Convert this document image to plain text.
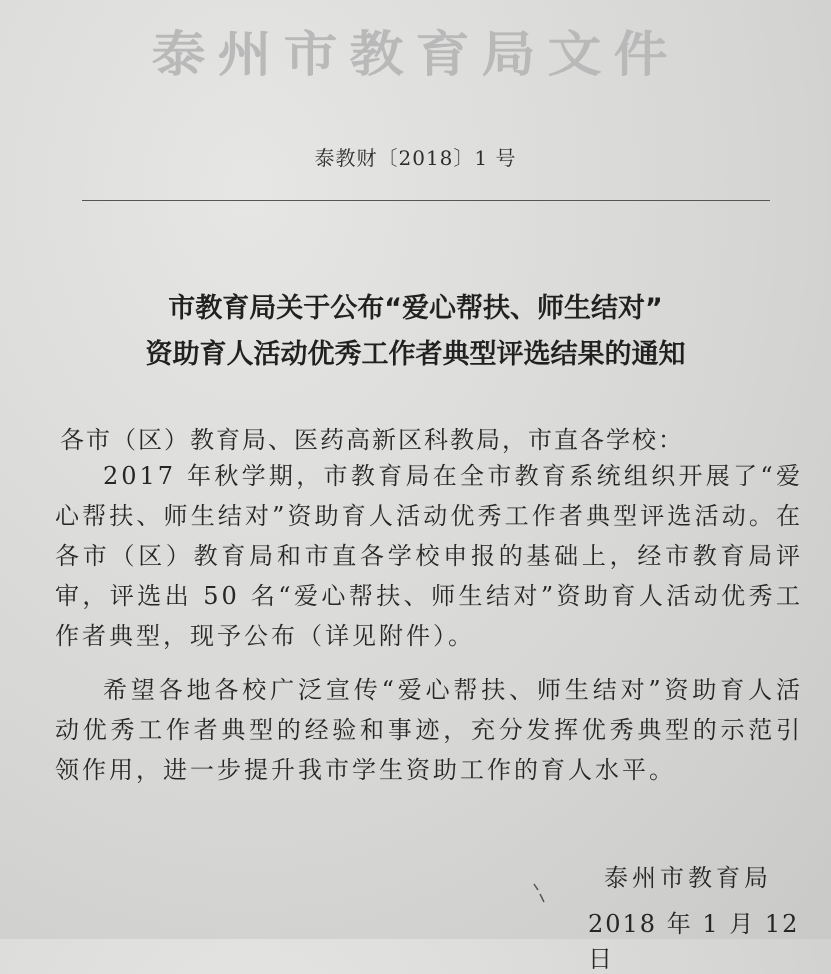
泰州市教育局文件
泰教财〔2018〕1 号
市教育局关于公布“爱心帮扶、师生结对”
资助育人活动优秀工作者典型评选结果的通知
各市（区）教育局、医药高新区科教局，市直各学校：
2017 年秋学期，市教育局在全市教育系统组织开展了“爱心帮扶、师生结对”资助育人活动优秀工作者典型评选活动。在各市（区）教育局和市直各学校申报的基础上，经市教育局评审，评选出 50 名“爱心帮扶、师生结对”资助育人活动优秀工作者典型，现予公布（详见附件）。
希望各地各校广泛宣传“爱心帮扶、师生结对”资助育人活动优秀工作者典型的经验和事迹，充分发挥优秀典型的示范引领作用，进一步提升我市学生资助工作的育人水平。
泰州市教育局
2018 年 1 月 12 日
